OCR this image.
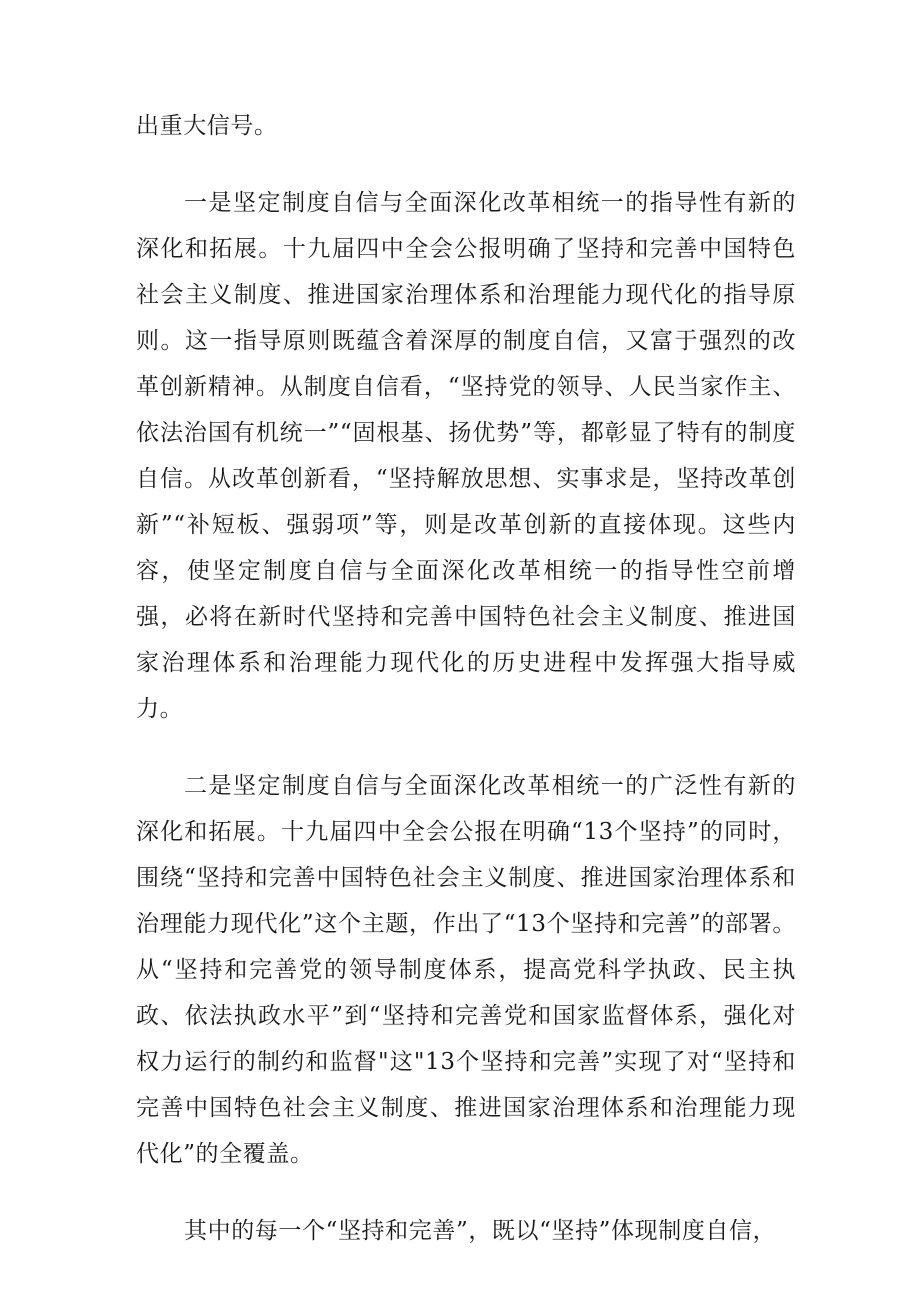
出重大信号。

一是坚定制度自信与全面深化改革相统一的指导性有新的深化和拓展。十九届四中全会公报明确了坚持和完善中国特色社会主义制度、推进国家治理体系和治理能力现代化的指导原则。这一指导原则既蕴含着深厚的制度自信，又富于强烈的改革创新精神。从制度自信看，“坚持党的领导、人民当家作主、依法治国有机统一”“固根基、扬优势”等，都彰显了特有的制度自信。从改革创新看，“坚持解放思想、实事求是，坚持改革创新”“补短板、强弱项”等，则是改革创新的直接体现。这些内容，使坚定制度自信与全面深化改革相统一的指导性空前增强，必将在新时代坚持和完善中国特色社会主义制度、推进国家治理体系和治理能力现代化的历史进程中发挥强大指导威力。

二是坚定制度自信与全面深化改革相统一的广泛性有新的深化和拓展。十九届四中全会公报在明确“13个坚持”的同时，围绕“坚持和完善中国特色社会主义制度、推进国家治理体系和治理能力现代化”这个主题，作出了“13个坚持和完善”的部署。从“坚持和完善党的领导制度体系，提高党科学执政、民主执政、依法执政水平”到“坚持和完善党和国家监督体系，强化对权力运行的制约和监督"这"13个坚持和完善”实现了对“坚持和完善中国特色社会主义制度、推进国家治理体系和治理能力现代化”的全覆盖。

其中的每一个“坚持和完善”，既以“坚持”体现制度自信，
